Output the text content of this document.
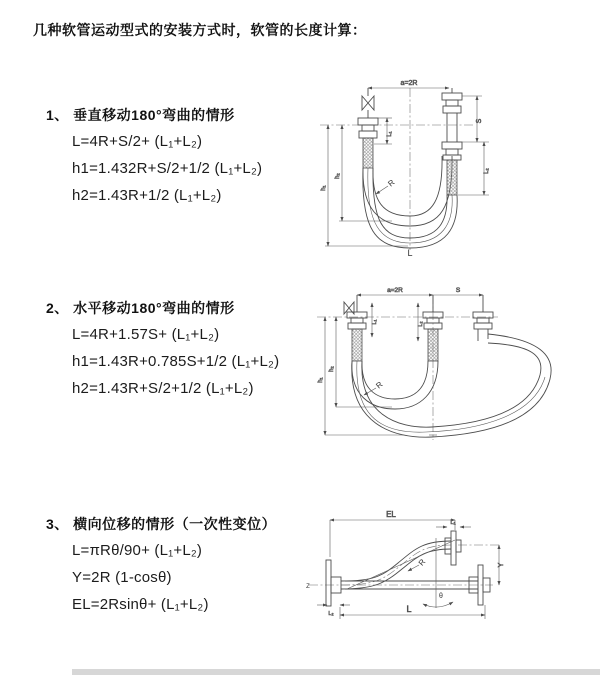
几种软管运动型式的安装方式时，软管的长度计算：
1、 垂直移动180°弯曲的情形
L=4R+S/2+ (L₁+L₂)
h1=1.432R+S/2+1/2 (L₁+L₂)
h2=1.43R+1/2 (L₁+L₂)
2、 水平移动180°弯曲的情形
L=4R+1.57S+ (L₁+L₂)
h1=1.43R+0.785S+1/2 (L₁+L₂)
h2=1.43R+S/2+1/2 (L₁+L₂)
3、 横向位移的情形（一次性变位）
L=πRθ/90+ (L₁+L₂)
Y=2R (1-cosθ)
EL=2Rsinθ+ (L₁+L₂)
a=2R
L₁
S
L₂
h₁
h₂
R
L
a=2R	S
L₁	L₂
h₁
h₂
R
Z
θ
EL
L₁
Y
L₂	L
R
